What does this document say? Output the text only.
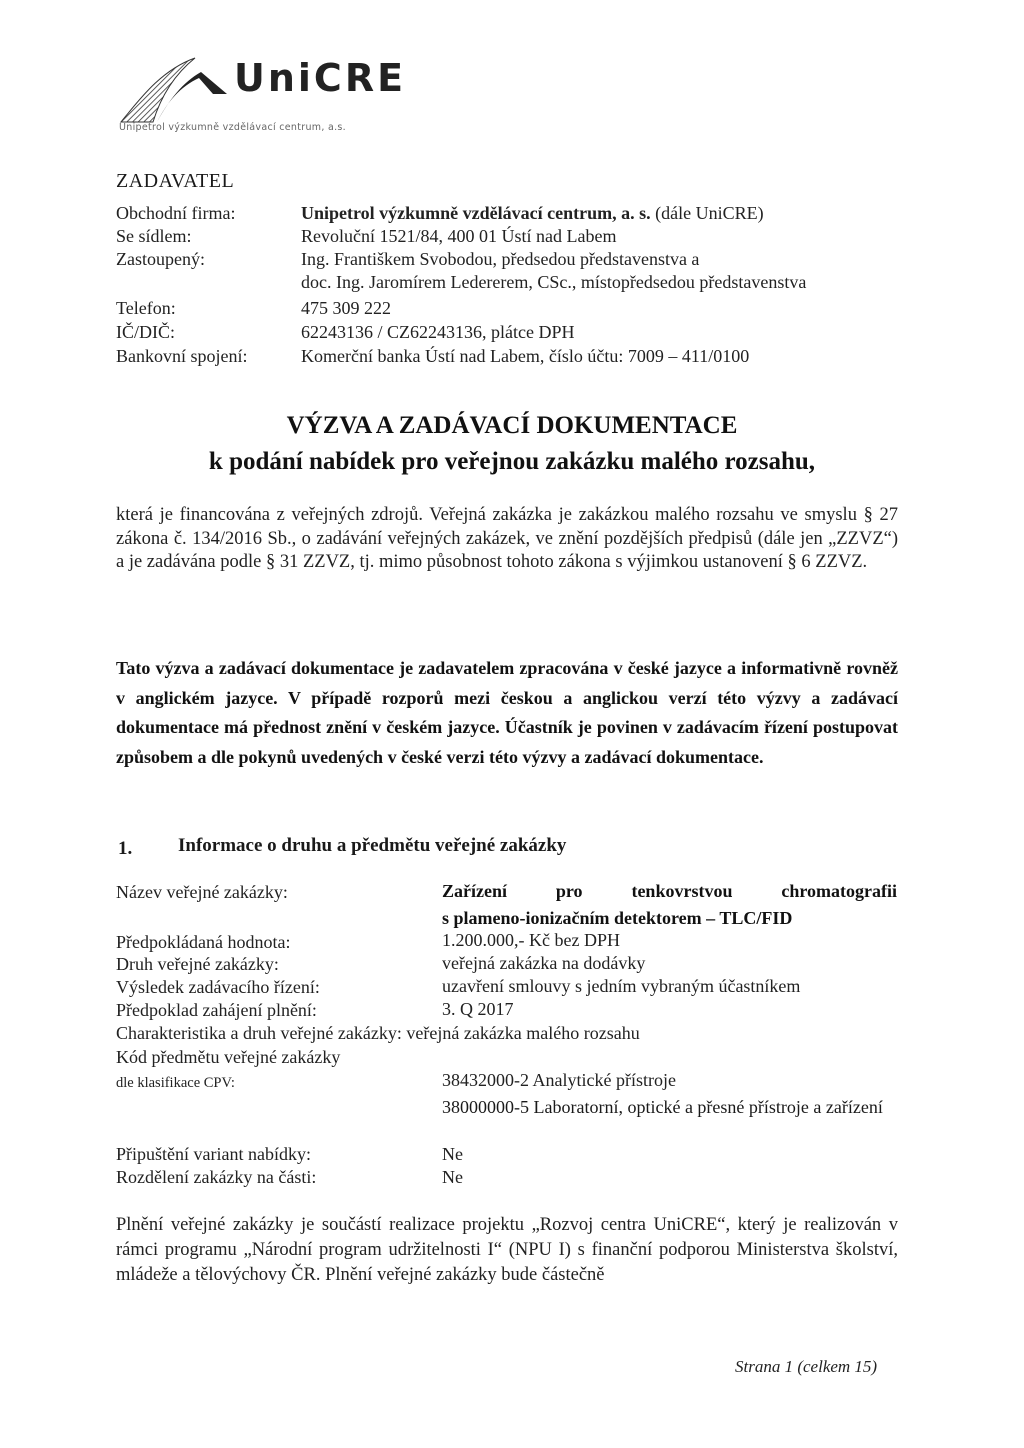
UniCRE
Unipetrol výzkumně vzdělávací centrum, a.s.
ZADAVATEL
Obchodní firma:	Unipetrol výzkumně vzdělávací centrum, a. s. (dále UniCRE)
Se sídlem:	Revoluční 1521/84, 400 01 Ústí nad Labem
Zastoupený:	Ing. Františkem Svobodou, předsedou představenstva a
doc. Ing. Jaromírem Ledererem, CSc., místopředsedou představenstva
Telefon:	475 309 222
IČ/DIČ:	62243136 / CZ62243136, plátce DPH
Bankovní spojení:	Komerční banka Ústí nad Labem, číslo účtu: 7009 – 411/0100
VÝZVA A ZADÁVACÍ DOKUMENTACE
k podání nabídek pro veřejnou zakázku malého rozsahu,
která je financována z veřejných zdrojů. Veřejná zakázka je zakázkou malého rozsahu ve smyslu § 27 zákona č. 134/2016 Sb., o zadávání veřejných zakázek, ve znění pozdějších předpisů (dále jen „ZZVZ“) a je zadávána podle § 31 ZZVZ, tj. mimo působnost tohoto zákona s výjimkou ustanovení § 6 ZZVZ.
Tato výzva a zadávací dokumentace je zadavatelem zpracována v české jazyce a informativně rovněž v anglickém jazyce. V případě rozporů mezi českou a anglickou verzí této výzvy a zadávací dokumentace má přednost znění v českém jazyce. Účastník je povinen v zadávacím řízení postupovat způsobem a dle pokynů uvedených v české verzi této výzvy a zadávací dokumentace.
1. Informace o druhu a předmětu veřejné zakázky
Název veřejné zakázky:	Zařízení pro tenkovrstvou chromatografii
s plameno-ionizačním detektorem – TLC/FID
Předpokládaná hodnota:	1.200.000,- Kč bez DPH
Druh veřejné zakázky:	veřejná zakázka na dodávky
Výsledek zadávacího řízení:	uzavření smlouvy s jedním vybraným účastníkem
Předpoklad zahájení plnění:	3. Q 2017
Charakteristika a druh veřejné zakázky: veřejná zakázka malého rozsahu
Kód předmětu veřejné zakázky
dle klasifikace CPV:	38432000-2 Analytické přístroje
38000000-5 Laboratorní, optické a přesné přístroje a zařízení
Připuštění variant nabídky:	Ne
Rozdělení zakázky na části:	Ne
Plnění veřejné zakázky je součástí realizace projektu „Rozvoj centra UniCRE“, který je realizován v rámci programu „Národní program udržitelnosti I“ (NPU I) s finanční podporou Ministerstva školství, mládeže a tělovýchovy ČR. Plnění veřejné zakázky bude částečně
Strana 1 (celkem 15)
